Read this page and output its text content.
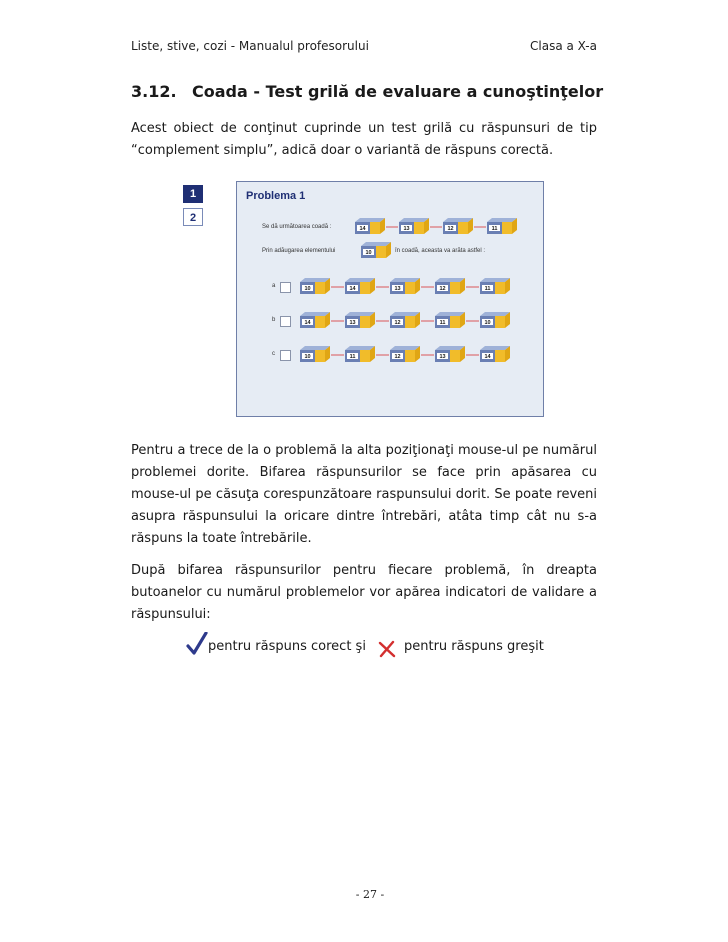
Liste, stive, cozi - Manualul profesorului	Clasa a X-a
3.12. Coada - Test grilă de evaluare a cunoştinţelor
Acest obiect de conţinut cuprinde un test grilă cu răspunsuri de tip “complement simplu”, adică doar o variantă de răspuns corectă.
1
2
Problema 1
Se dă următoarea coadă :
Prin adăugarea elementului	în coadă, aceasta va arăta astfel :
a
b
c
14	13	12	11
10
10	14	13	12	11
14	13	12	11	10
10	11	12	13	14
Pentru a trece de la o problemă la alta poziţionaţi mouse-ul pe numărul problemei dorite. Bifarea răspunsurilor se face prin apăsarea cu mouse-ul pe căsuţa corespunzătoare raspunsului dorit. Se poate reveni asupra răspunsului la oricare dintre întrebări, atâta timp cât nu s-a răspuns la toate întrebările.
După bifarea răspunsurilor pentru fiecare problemă, în dreapta butoanelor cu numărul problemelor vor apărea indicatori de validare a răspunsului:
pentru răspuns corect şi	pentru răspuns greşit
- 27 -
